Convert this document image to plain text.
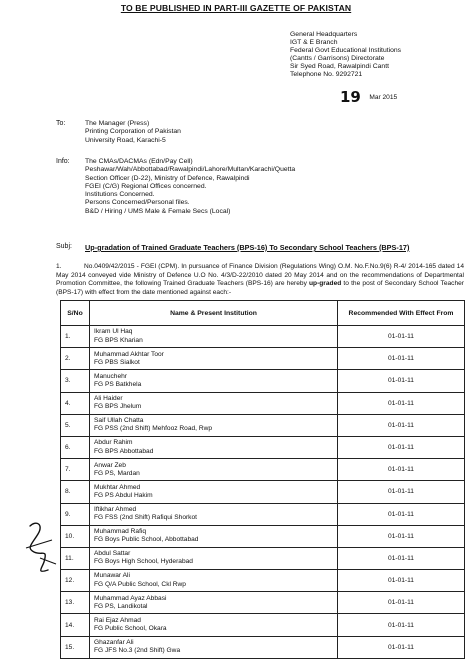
TO BE PUBLISHED IN PART-III GAZETTE OF PAKISTAN
General Headquarters
IGT & E Branch
Federal Govt Educational Institutions
(Cantts / Garrisons) Directorate
Sir Syed Road, Rawalpindi Cantt
Telephone No. 9292721
19 Mar 2015
To:	The Manager (Press)
Printing Corporation of Pakistan
University Road, Karachi-5
Info: The CMAs/DACMAs (Edn/Pay Cell)
Peshawar/Wah/Abbottabad/Rawalpindi/Lahore/Multan/Karachi/Quetta
Section Officer (D-22), Ministry of Defence, Rawalpindi
FGEI (C/G) Regional Offices concerned.
Institutions Concerned.
Persons Concerned/Personal files.
B&D / Hiring / UMS Male & Female Secs (Local)
Subj: Up-gradation of Trained Graduate Teachers (BPS-16) To Secondary School Teachers (BPS-17)
1.	No.0409/42/2015 - FGEI (CPM). In pursuance of Finance Division (Regulations Wing) O.M. No.F.No.9(6) R-4/ 2014-165 dated 14 May 2014 conveyed vide Ministry of Defence U.O No. 4/3/D-22/2010 dated 20 May 2014 and on the recommendations of Departmental Promotion Committee, the following Trained Graduate Teachers (BPS-16) are hereby up-graded to the post of Secondary School Teacher (BPS-17) with effect from the date mentioned against each:-
S/No	Name & Present Institution	Recommended With Effect From
1.	Ikram Ul Haq
FG BPS Kharian	01-01-11
2.	Muhammad Akhtar Toor
FG PBS Sialkot	01-01-11
3.	Manuchehr
FG PS Batkhela	01-01-11
4.	Ali Haider
FG BPS Jhelum	01-01-11
5.	Saif Ullah Chatta
FG PSS (2nd Shift) Mehfooz Road, Rwp	01-01-11
6.	Abdur Rahim
FG BPS Abbottabad	01-01-11
7.	Anwar Zeb
FG PS, Mardan	01-01-11
8.	Mukhtar Ahmed
FG PS Abdul Hakim	01-01-11
9.	Iftikhar Ahmed
FG FSS (2nd Shift) Rafiqui Shorkot	01-01-11
10.	Muhammad Rafiq
FG Boys Public School, Abbottabad	01-01-11
11.	Abdul Sattar
FG Boys High School, Hyderabad	01-01-11
12.	Munawar Ali
FG Q/A Public School, Ckl Rwp	01-01-11
13.	Muhammad Ayaz Abbasi
FG PS, Landikotal	01-01-11
14.	Rai Ejaz Ahmad
FG Public School, Okara	01-01-11
15.	Ghazanfar Ali
FG JFS No.3 (2nd Shift) Gwa	01-01-11
